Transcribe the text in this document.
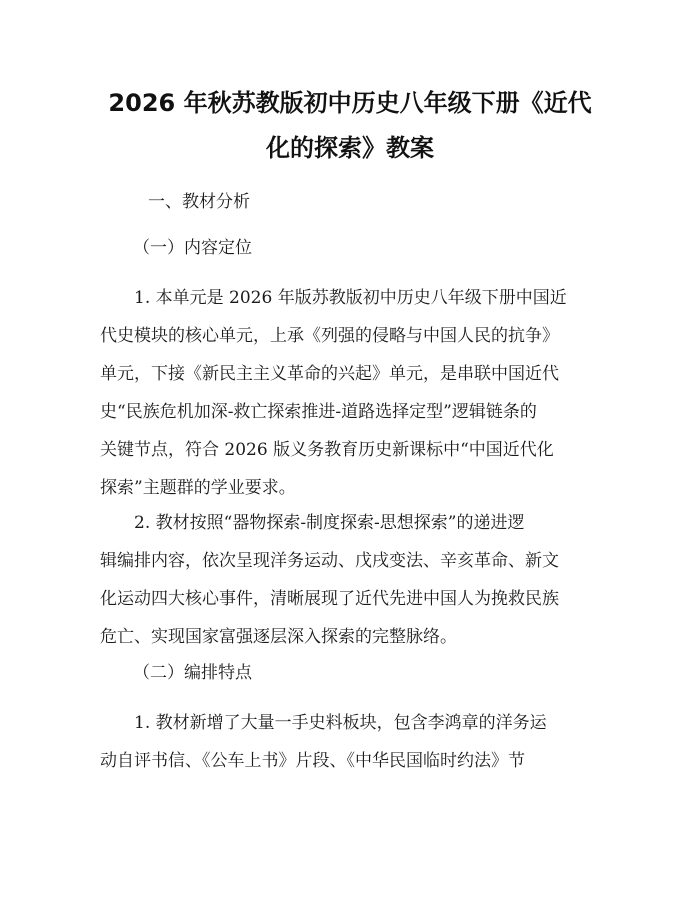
2026 年秋苏教版初中历史八年级下册《近代
化的探索》教案
一、教材分析
（一）内容定位
1. 本单元是 2026 年版苏教版初中历史八年级下册中国近
代史模块的核心单元，上承《列强的侵略与中国人民的抗争》
单元，下接《新民主主义革命的兴起》单元，是串联中国近代
史“民族危机加深-救亡探索推进-道路选择定型”逻辑链条的
关键节点，符合 2026 版义务教育历史新课标中“中国近代化
探索”主题群的学业要求。
2. 教材按照“器物探索-制度探索-思想探索”的递进逻
辑编排内容，依次呈现洋务运动、戊戌变法、辛亥革命、新文
化运动四大核心事件，清晰展现了近代先进中国人为挽救民族
危亡、实现国家富强逐层深入探索的完整脉络。
（二）编排特点
1. 教材新增了大量一手史料板块，包含李鸿章的洋务运
动自评书信、《公车上书》片段、《中华民国临时约法》节
